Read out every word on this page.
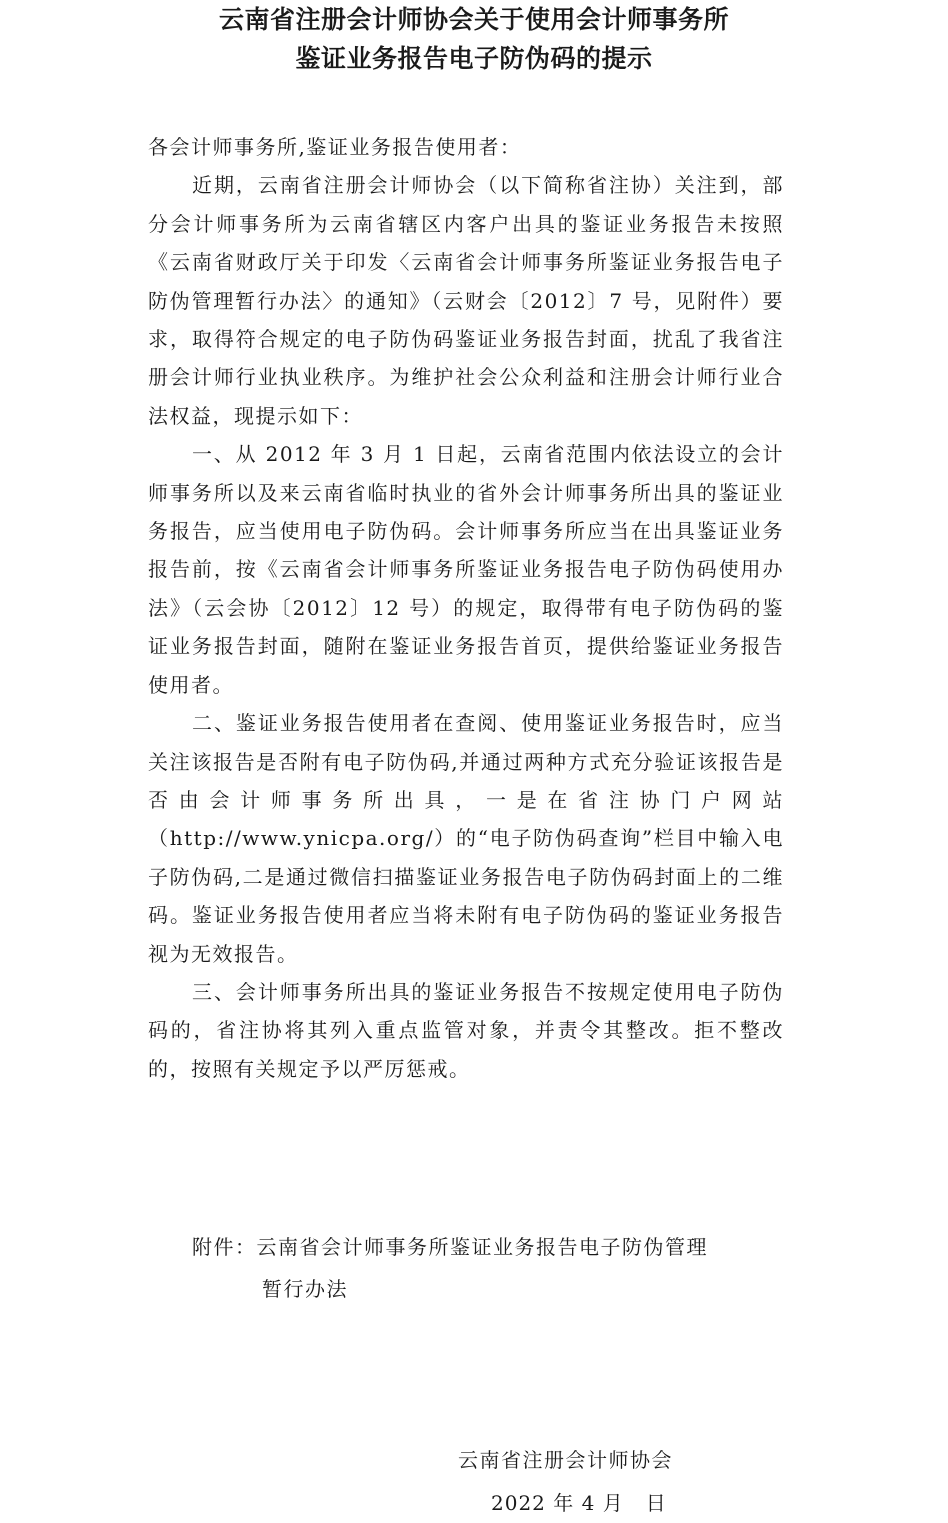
云南省注册会计师协会关于使用会计师事务所
鉴证业务报告电子防伪码的提示

各会计师事务所,鉴证业务报告使用者：

近期，云南省注册会计师协会（以下简称省注协）关注到，部分会计师事务所为云南省辖区内客户出具的鉴证业务报告未按照《云南省财政厅关于印发〈云南省会计师事务所鉴证业务报告电子防伪管理暂行办法〉的通知》（云财会〔2012〕7 号，见附件）要求，取得符合规定的电子防伪码鉴证业务报告封面，扰乱了我省注册会计师行业执业秩序。为维护社会公众利益和注册会计师行业合法权益，现提示如下：

一、从 2012 年 3 月 1 日起，云南省范围内依法设立的会计师事务所以及来云南省临时执业的省外会计师事务所出具的鉴证业务报告，应当使用电子防伪码。会计师事务所应当在出具鉴证业务报告前，按《云南省会计师事务所鉴证业务报告电子防伪码使用办法》（云会协〔2012〕12 号）的规定，取得带有电子防伪码的鉴证业务报告封面，随附在鉴证业务报告首页，提供给鉴证业务报告使用者。

二、鉴证业务报告使用者在查阅、使用鉴证业务报告时，应当关注该报告是否附有电子防伪码,并通过两种方式充分验证该报告是否由会计师事务所出具，一是在省注协门户网站（http://www.ynicpa.org/）的“电子防伪码查询”栏目中输入电子防伪码,二是通过微信扫描鉴证业务报告电子防伪码封面上的二维码。鉴证业务报告使用者应当将未附有电子防伪码的鉴证业务报告视为无效报告。

三、会计师事务所出具的鉴证业务报告不按规定使用电子防伪码的，省注协将其列入重点监管对象，并责令其整改。拒不整改的，按照有关规定予以严厉惩戒。

附件：云南省会计师事务所鉴证业务报告电子防伪管理
暂行办法
云南省注册会计师协会
2022 年 4 月   日
